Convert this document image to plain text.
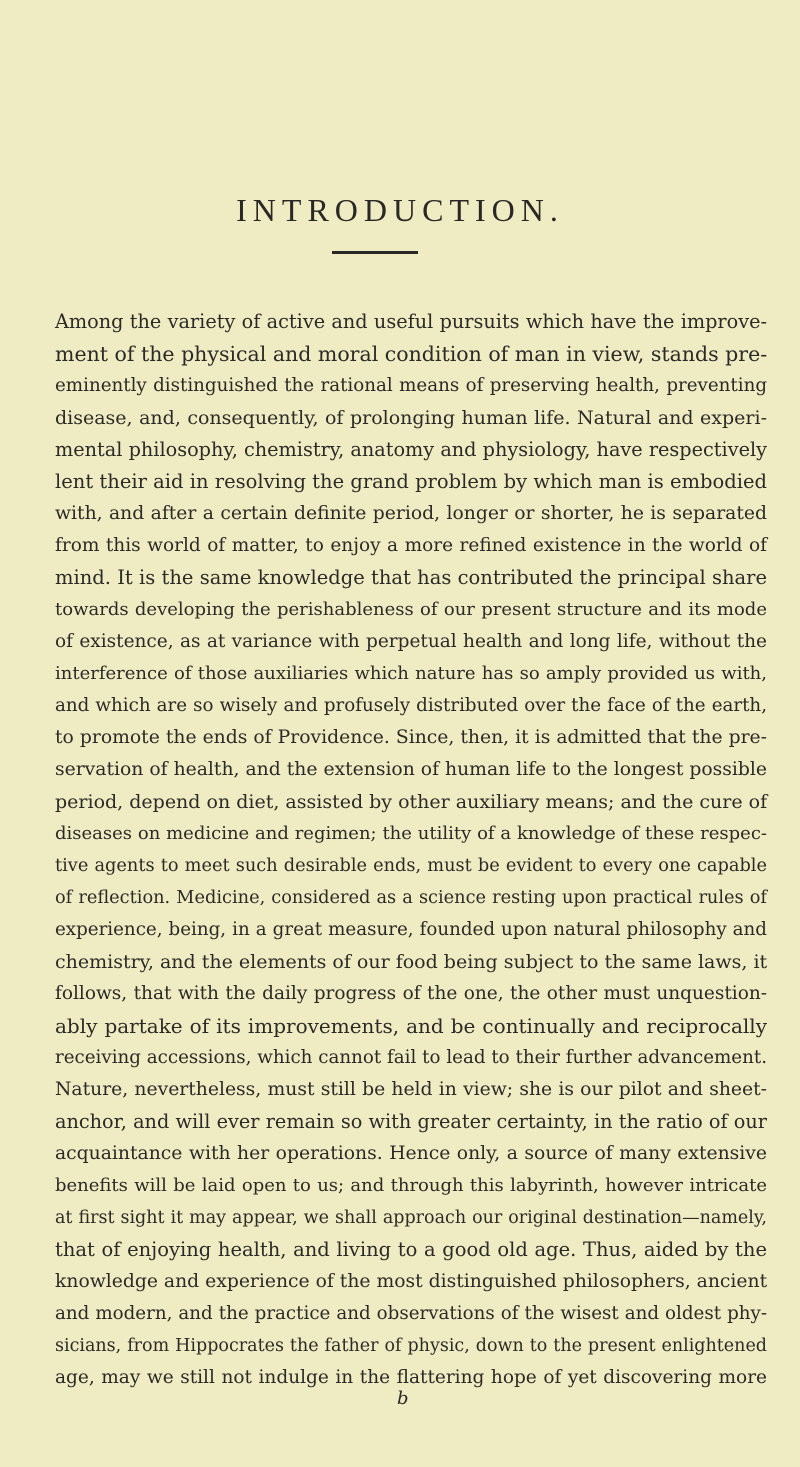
INTRODUCTION.
Among the variety of active and useful pursuits which have the improve-
ment of the physical and moral condition of man in view, stands pre-
eminently distinguished the rational means of preserving health, preventing
disease, and, consequently, of prolonging human life. Natural and experi-
mental philosophy, chemistry, anatomy and physiology, have respectively
lent their aid in resolving the grand problem by which man is embodied
with, and after a certain definite period, longer or shorter, he is separated
from this world of matter, to enjoy a more refined existence in the world of
mind. It is the same knowledge that has contributed the principal share
towards developing the perishableness of our present structure and its mode
of existence, as at variance with perpetual health and long life, without the
interference of those auxiliaries which nature has so amply provided us with,
and which are so wisely and profusely distributed over the face of the earth,
to promote the ends of Providence. Since, then, it is admitted that the pre-
servation of health, and the extension of human life to the longest possible
period, depend on diet, assisted by other auxiliary means; and the cure of
diseases on medicine and regimen; the utility of a knowledge of these respec-
tive agents to meet such desirable ends, must be evident to every one capable
of reflection. Medicine, considered as a science resting upon practical rules of
experience, being, in a great measure, founded upon natural philosophy and
chemistry, and the elements of our food being subject to the same laws, it
follows, that with the daily progress of the one, the other must unquestion-
ably partake of its improvements, and be continually and reciprocally
receiving accessions, which cannot fail to lead to their further advancement.
Nature, nevertheless, must still be held in view; she is our pilot and sheet-
anchor, and will ever remain so with greater certainty, in the ratio of our
acquaintance with her operations. Hence only, a source of many extensive
benefits will be laid open to us; and through this labyrinth, however intricate
at first sight it may appear, we shall approach our original destination—namely,
that of enjoying health, and living to a good old age. Thus, aided by the
knowledge and experience of the most distinguished philosophers, ancient
and modern, and the practice and observations of the wisest and oldest phy-
sicians, from Hippocrates the father of physic, down to the present enlightened
age, may we still not indulge in the flattering hope of yet discovering more
b
